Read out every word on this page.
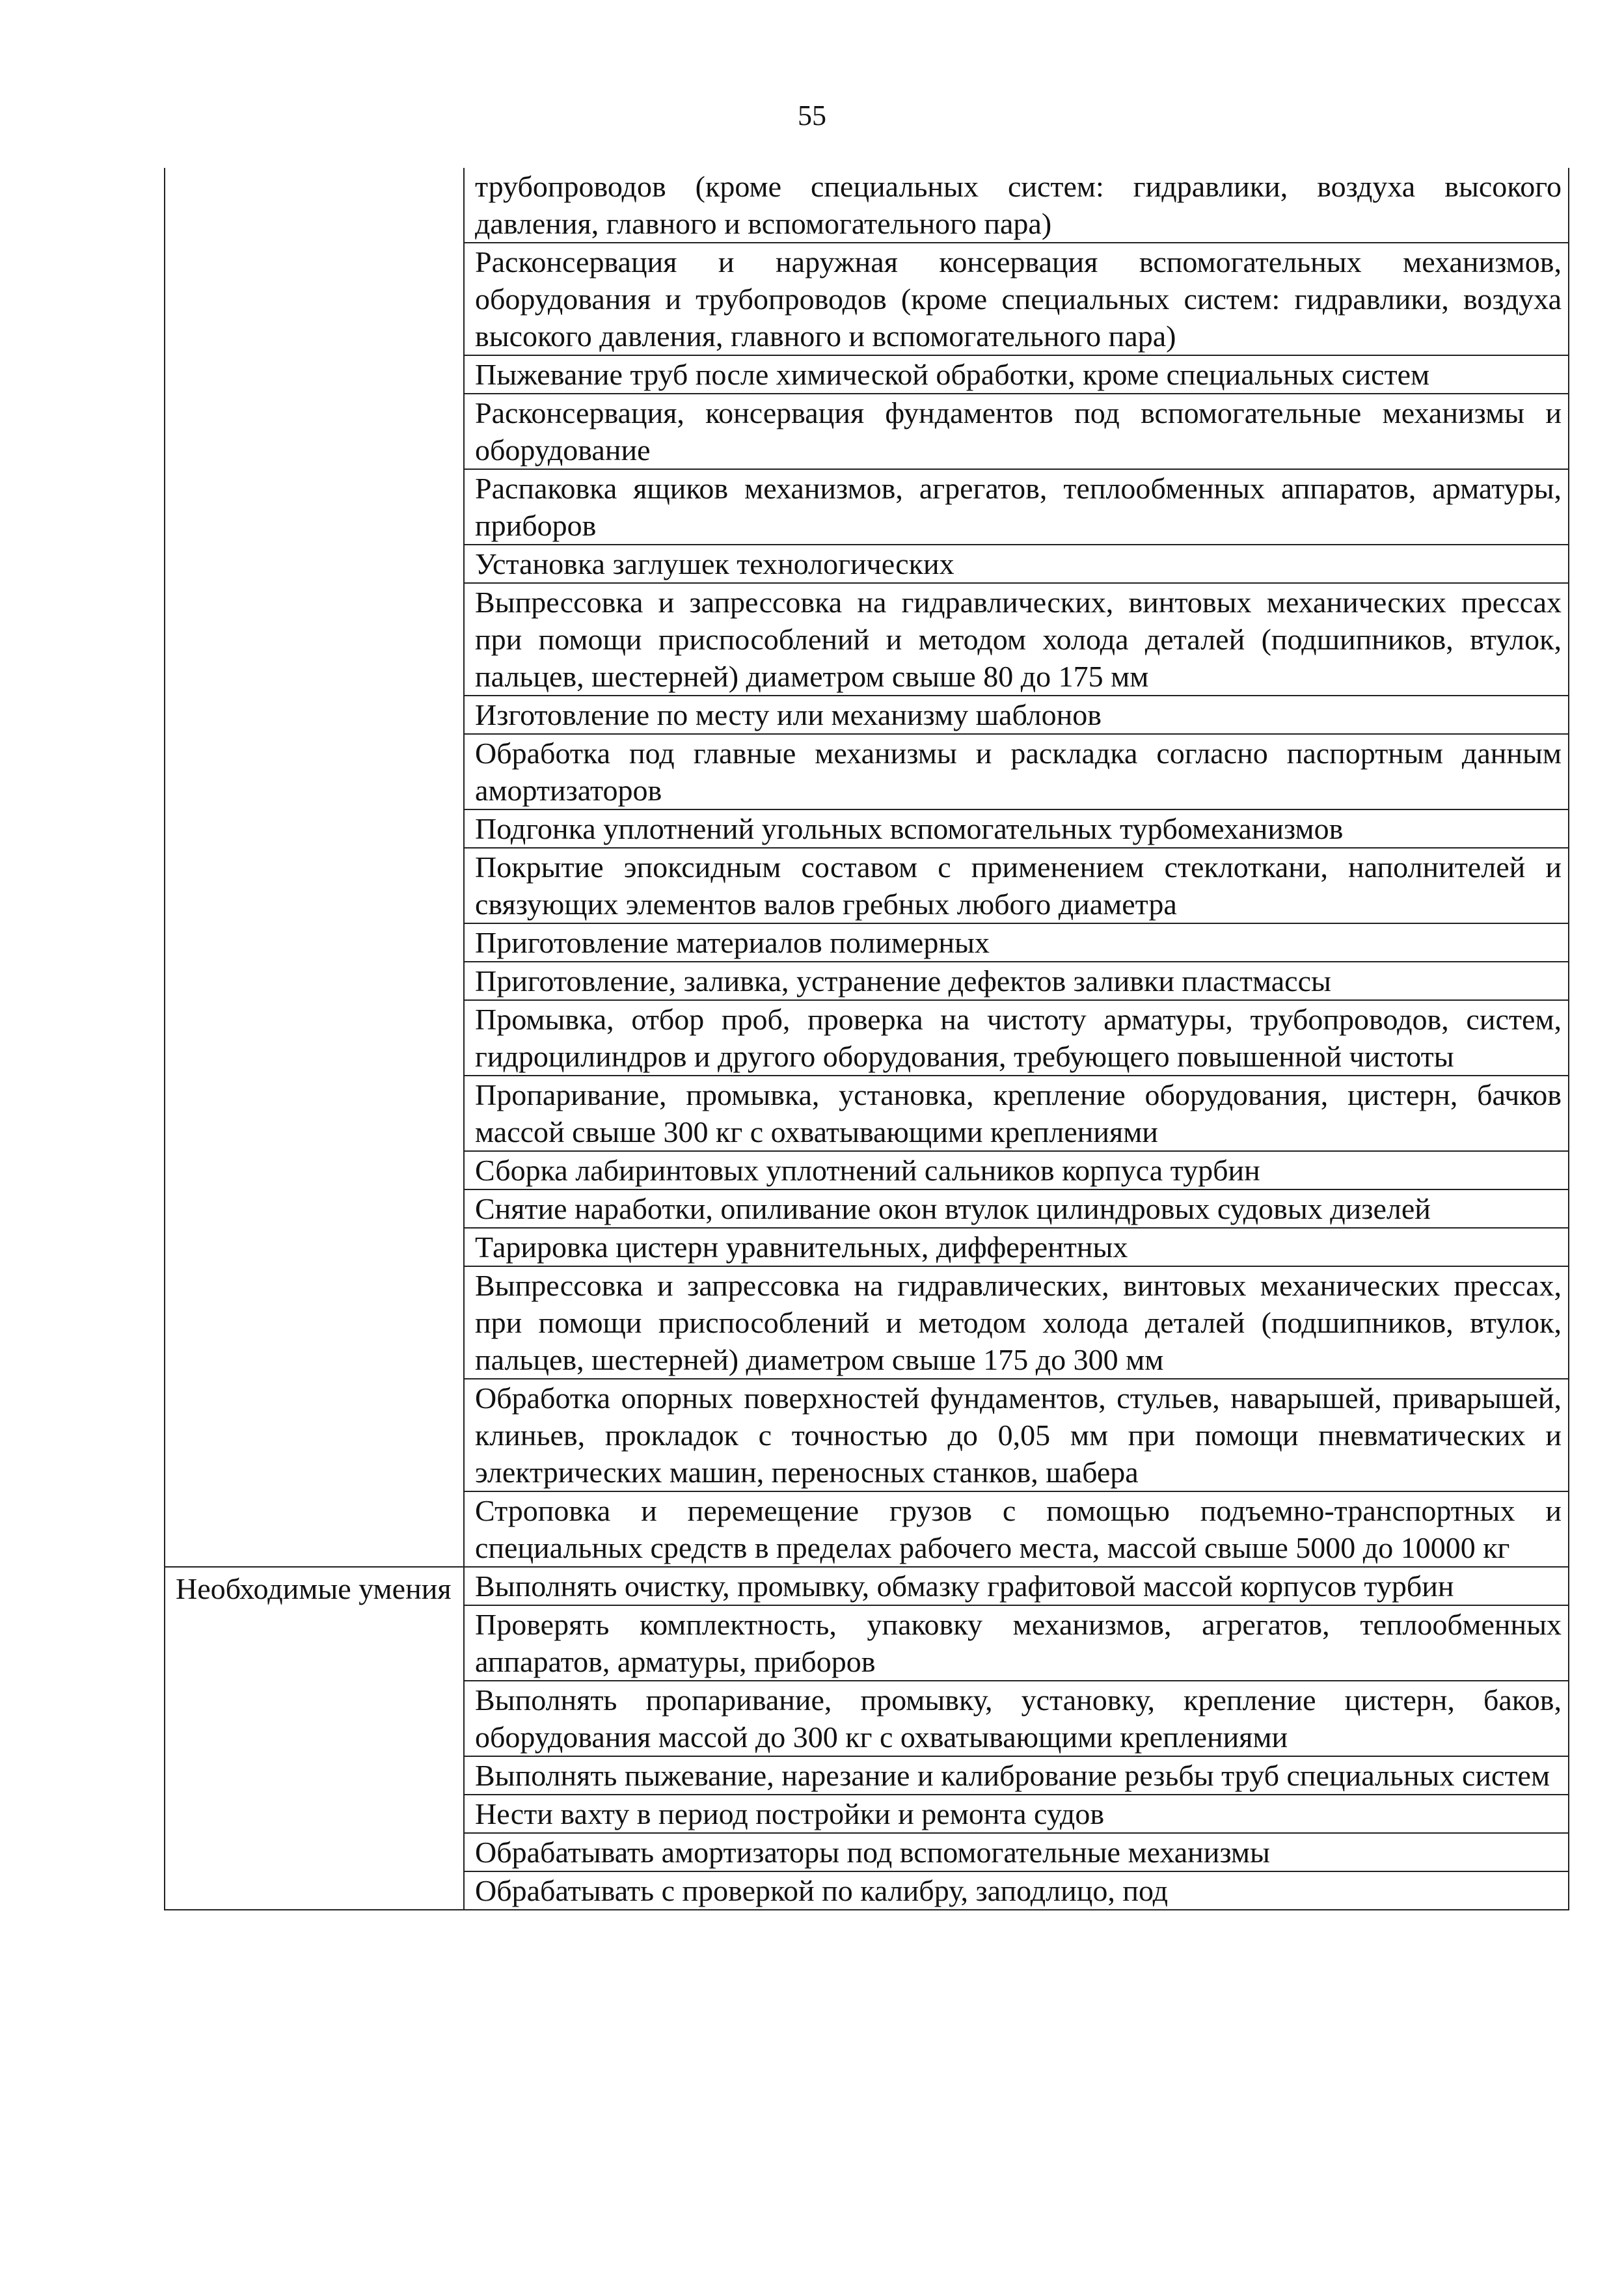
55
	трубопроводов (кроме специальных систем: гидравлики, воздуха высокого давления, главного и вспомогательного пара)
	Расконсервация и наружная консервация вспомогательных механизмов, оборудования и трубопроводов (кроме специальных систем: гидравлики, воздуха высокого давления, главного и вспомогательного пара)
	Пыжевание труб после химической обработки, кроме специальных систем
	Расконсервация, консервация фундаментов под вспомогательные механизмы и оборудование
	Распаковка ящиков механизмов, агрегатов, теплообменных аппаратов, арматуры, приборов
	Установка заглушек технологических
	Выпрессовка и запрессовка на гидравлических, винтовых механических прессах при помощи приспособлений и методом холода деталей (подшипников, втулок, пальцев, шестерней) диаметром свыше 80 до 175 мм
	Изготовление по месту или механизму шаблонов
	Обработка под главные механизмы и раскладка согласно паспортным данным амортизаторов
	Подгонка уплотнений угольных вспомогательных турбомеханизмов
	Покрытие эпоксидным составом с применением стеклоткани, наполнителей и связующих элементов валов гребных любого диаметра
	Приготовление материалов полимерных
	Приготовление, заливка, устранение дефектов заливки пластмассы
	Промывка, отбор проб, проверка на чистоту арматуры, трубопроводов, систем, гидроцилиндров и другого оборудования, требующего повышенной чистоты
	Пропаривание, промывка, установка, крепление оборудования, цистерн, бачков массой свыше 300 кг с охватывающими креплениями
	Сборка лабиринтовых уплотнений сальников корпуса турбин
	Снятие наработки, опиливание окон втулок цилиндровых судовых дизелей
	Тарировка цистерн уравнительных, дифферентных
	Выпрессовка и запрессовка на гидравлических, винтовых механических прессах, при помощи приспособлений и методом холода деталей (подшипников, втулок, пальцев, шестерней) диаметром свыше 175 до 300 мм
	Обработка опорных поверхностей фундаментов, стульев, наварышей, приварышей, клиньев, прокладок с точностью до 0,05 мм при помощи пневматических и электрических машин, переносных станков, шабера
	Строповка и перемещение грузов с помощью подъемно-транспортных и специальных средств в пределах рабочего места, массой свыше 5000 до 10000 кг

Необходимые умения	Выполнять очистку, промывку, обмазку графитовой массой корпусов турбин
	Проверять комплектность, упаковку механизмов, агрегатов, теплообменных аппаратов, арматуры, приборов
	Выполнять пропаривание, промывку, установку, крепление цистерн, баков, оборудования массой до 300 кг с охватывающими креплениями
	Выполнять пыжевание, нарезание и калибрование резьбы труб специальных систем
	Нести вахту в период постройки и ремонта судов
	Обрабатывать амортизаторы под вспомогательные механизмы
	Обрабатывать с проверкой по калибру, заподлицо, под
